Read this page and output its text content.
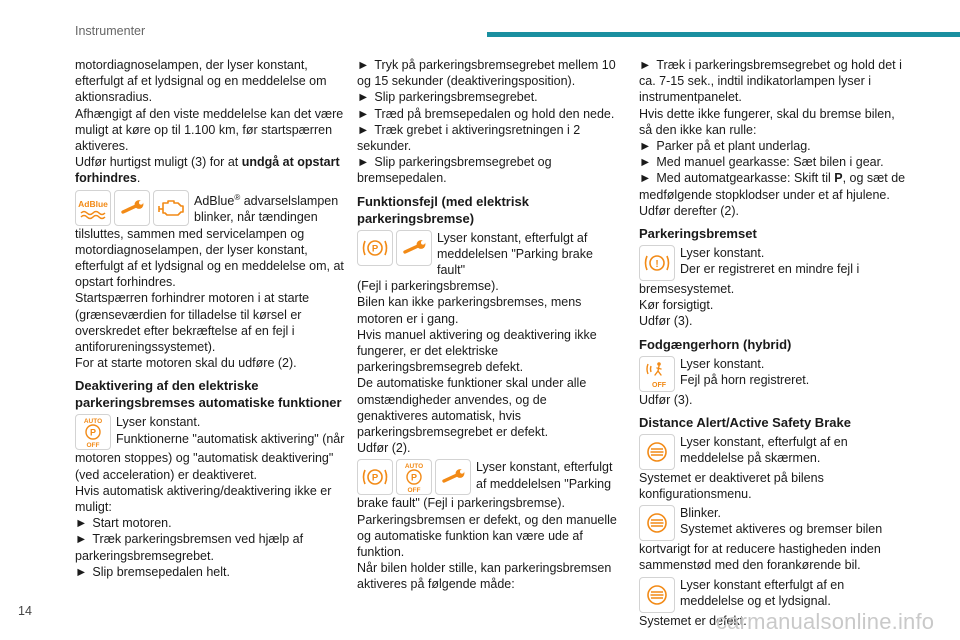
Instrumenter
motordiagnoselampen, der lyser konstant, efterfulgt af et lydsignal og en meddelelse om aktionsradius.
Afhængigt af den viste meddelelse kan det være muligt at køre op til 1.100 km, før startspærren aktiveres.
Udfør hurtigst muligt (3) for at undgå at opstart forhindres.
AdBlue	AdBlue® advarselslampen blinker, når tændingen
tilsluttes, sammen med servicelampen og motordiagnoselampen, der lyser konstant, efterfulgt af et lydsignal og en meddelelse om, at opstart forhindres.
Startspærren forhindrer motoren i at starte (grænseværdien for tilladelse til kørsel er overskredet efter bekræftelse af en fejl i antiforureningssystemet).
For at starte motoren skal du udføre (2).
Deaktivering af den elektriske parkeringsbremses automatiske funktioner
AUTO
P
OFF
Lyser konstant.
Funktionerne "automatisk aktivering" (når
motoren stoppes) og "automatisk deaktivering" (ved acceleration) er deaktiveret.
Hvis automatisk aktivering/deaktivering ikke er muligt:
► Start motoren.
► Træk parkeringsbremsen ved hjælp af parkeringsbremsegrebet.
► Slip bremsepedalen helt.
► Tryk på parkeringsbremsegrebet mellem 10 og 15 sekunder (deaktiveringsposition).
► Slip parkeringsbremsegrebet.
► Træd på bremsepedalen og hold den nede.
► Træk grebet i aktiveringsretningen i 2 sekunder.
► Slip parkeringsbremsegrebet og bremsepedalen.
Funktionsfejl (med elektrisk parkeringsbremse)
P !
Lyser konstant, efterfulgt af meddelelsen "Parking brake fault"
(Fejl i parkeringsbremse).
Bilen kan ikke parkeringsbremses, mens motoren er i gang.
Hvis manuel aktivering og deaktivering ikke fungerer, er det elektriske parkeringsbremsegreb defekt.
De automatiske funktioner skal under alle omstændigheder anvendes, og de genaktiveres automatisk, hvis parkeringsbremsegrebet er defekt.
Udfør (2).
P !
AUTO
P
OFF
Lyser konstant, efterfulgt af meddelelsen "Parking
brake fault" (Fejl i parkeringsbremse).
Parkeringsbremsen er defekt, og den manuelle og automatiske funktion kan være ude af funktion.
Når bilen holder stille, kan parkeringsbremsen aktiveres på følgende måde:
► Træk i parkeringsbremsegrebet og hold det i ca. 7-15 sek., indtil indikatorlampen lyser i instrumentpanelet.
Hvis dette ikke fungerer, skal du bremse bilen, så den ikke kan rulle:
► Parker på et plant underlag.
► Med manuel gearkasse: Sæt bilen i gear.
► Med automatgearkasse: Skift til P, og sæt de medfølgende stopklodser under et af hjulene.
Udfør derefter (2).
Parkeringsbremset
!
Lyser konstant.
Der er registreret en mindre fejl i
bremsesystemet.
Kør forsigtigt.
Udfør (3).
Fodgængerhorn (hybrid)
OFF
Lyser konstant.
Fejl på horn registreret.
Udfør (3).
Distance Alert/Active Safety Brake
Lyser konstant, efterfulgt af en meddelelse på skærmen.
Systemet er deaktiveret på bilens konfigurationsmenu.
Blinker.
Systemet aktiveres og bremser bilen
kortvarigt for at reducere hastigheden inden sammenstød med den forankørende bil.
Lyser konstant efterfulgt af en meddelelse og et lydsignal.
Systemet er defekt.
14	carmanualsonline.info
